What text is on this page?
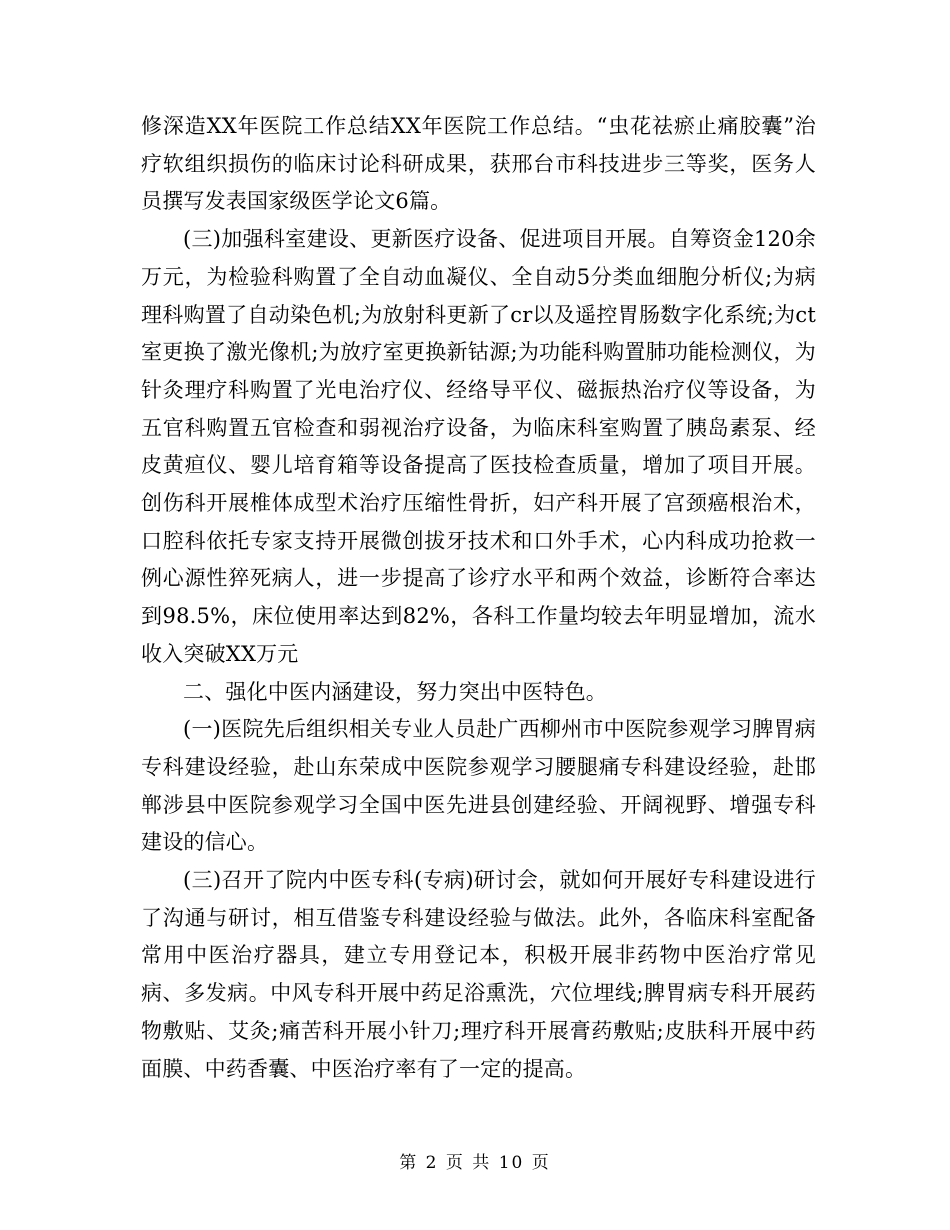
修深造XX年医院工作总结XX年医院工作总结。“虫花祛瘀止痛胶囊”治疗软组织损伤的临床讨论科研成果，获邢台市科技进步三等奖，医务人员撰写发表国家级医学论文6篇。

(三)加强科室建设、更新医疗设备、促进项目开展。自筹资金120余万元，为检验科购置了全自动血凝仪、全自动5分类血细胞分析仪;为病理科购置了自动染色机;为放射科更新了cr以及遥控胃肠数字化系统;为ct室更换了激光像机;为放疗室更换新钴源;为功能科购置肺功能检测仪，为针灸理疗科购置了光电治疗仪、经络导平仪、磁振热治疗仪等设备，为五官科购置五官检查和弱视治疗设备，为临床科室购置了胰岛素泵、经皮黄疸仪、婴儿培育箱等设备提高了医技检查质量，增加了项目开展。创伤科开展椎体成型术治疗压缩性骨折，妇产科开展了宫颈癌根治术，口腔科依托专家支持开展微创拔牙技术和口外手术，心内科成功抢救一例心源性猝死病人，进一步提高了诊疗水平和两个效益，诊断符合率达到98.5%，床位使用率达到82%，各科工作量均较去年明显增加，流水收入突破XX万元

二、强化中医内涵建设，努力突出中医特色。

(一)医院先后组织相关专业人员赴广西柳州市中医院参观学习脾胃病专科建设经验，赴山东荣成中医院参观学习腰腿痛专科建设经验，赴邯郸涉县中医院参观学习全国中医先进县创建经验、开阔视野、增强专科建设的信心。

(三)召开了院内中医专科(专病)研讨会，就如何开展好专科建设进行了沟通与研讨，相互借鉴专科建设经验与做法。此外，各临床科室配备常用中医治疗器具，建立专用登记本，积极开展非药物中医治疗常见病、多发病。中风专科开展中药足浴熏洗，穴位埋线;脾胃病专科开展药物敷贴、艾灸;痛苦科开展小针刀;理疗科开展膏药敷贴;皮肤科开展中药面膜、中药香囊、中医治疗率有了一定的提高。

第 2 页 共 10 页
